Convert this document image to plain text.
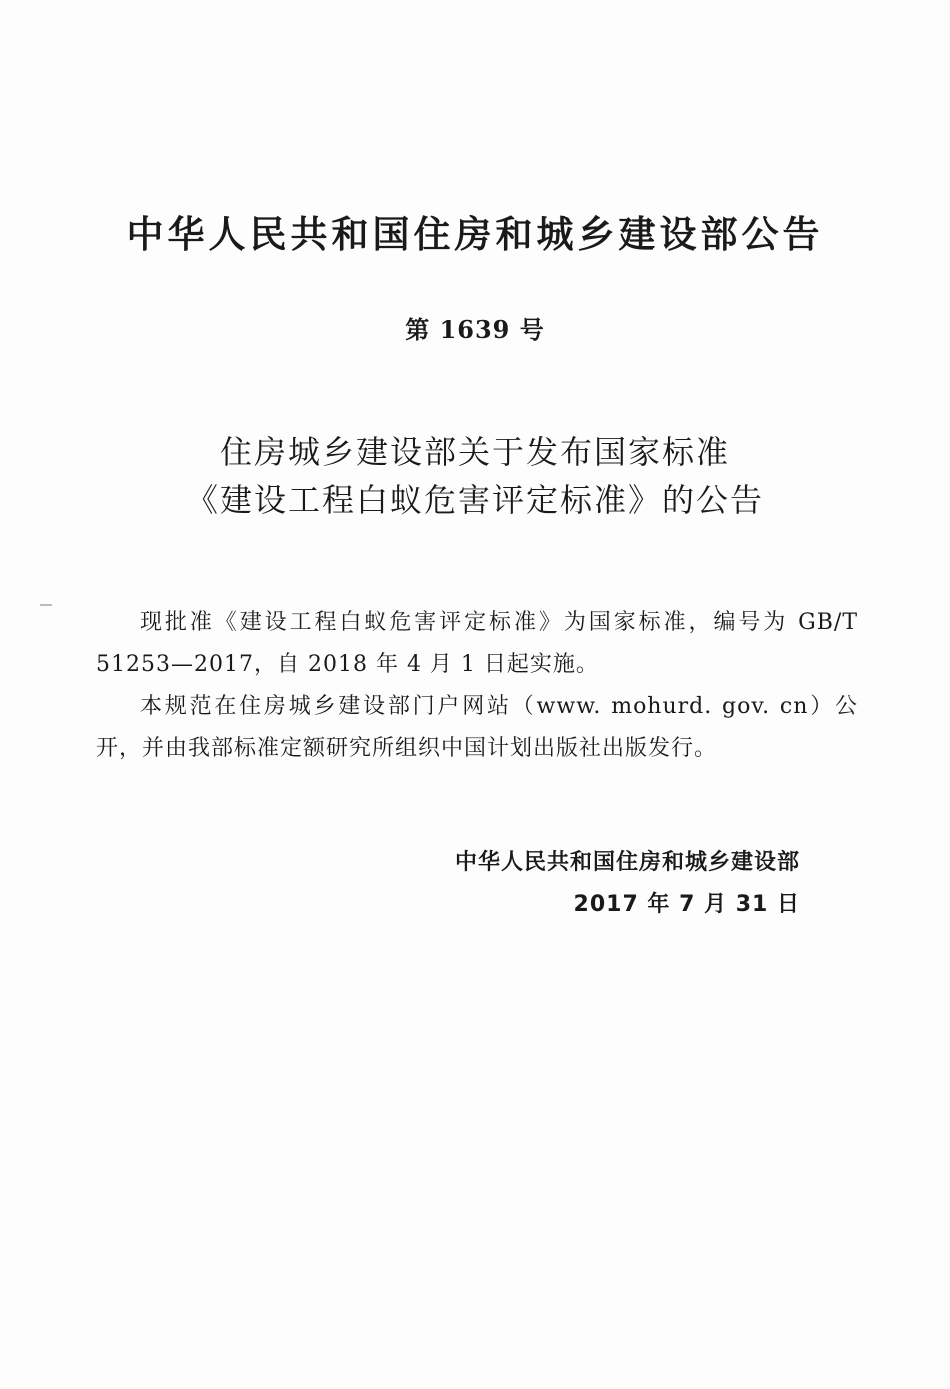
中华人民共和国住房和城乡建设部公告
第 1639 号
住房城乡建设部关于发布国家标准
《建设工程白蚁危害评定标准》的公告

现批准《建设工程白蚁危害评定标准》为国家标准，编号为 GB/T 51253—2017，自 2018 年 4 月 1 日起实施。

本规范在住房城乡建设部门户网站（www. mohurd. gov. cn）公开，并由我部标准定额研究所组织中国计划出版社出版发行。

中华人民共和国住房和城乡建设部
2017 年 7 月 31 日
